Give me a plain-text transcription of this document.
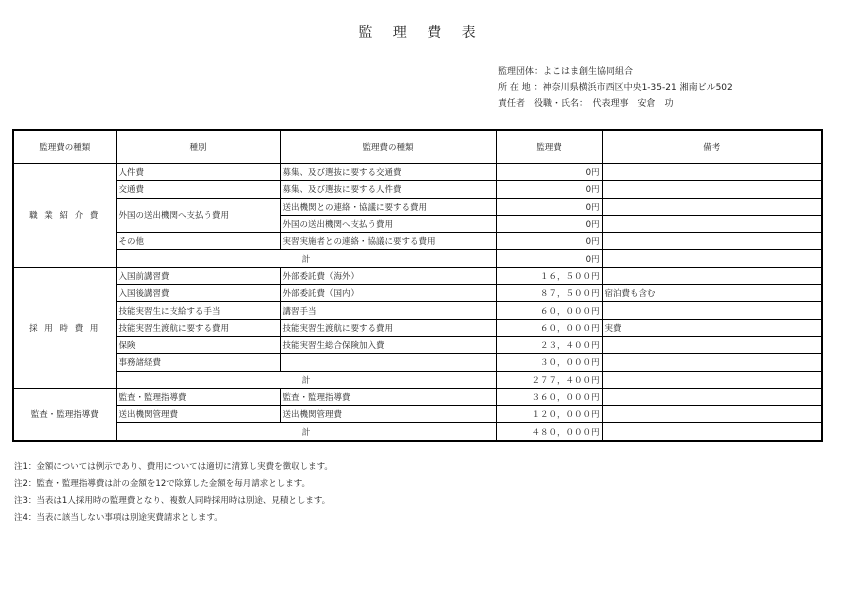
監 理 費 表
監理団体：よこはま創生協同組合
所 在 地 ：神奈川県横浜市西区中央1-35-21 湘南ビル502
責任者　役職・氏名：　代表理事　安倉　功
監理費の種類	種別	監理費の種類	監理費	備考
職 業 紹 介 費	人件費	募集、及び選抜に要する交通費	0円	
	交通費	募集、及び選抜に要する人件費	0円	
	外国の送出機関へ支払う費用	送出機関との連絡・協議に要する費用	0円	
		外国の送出機関へ支払う費用	0円	
	その他	実習実施者との連絡・協議に要する費用	0円	
	計		0円	
採 用 時 費 用	入国前講習費	外部委託費（海外）	１６，５００円	
	入国後講習費	外部委託費（国内）	８７，５００円	宿泊費も含む
	技能実習生に支給する手当	講習手当	６０，０００円	
	技能実習生渡航に要する費用	技能実習生渡航に要する費用	６０，０００円	実費
	保険	技能実習生総合保険加入費	２３，４００円	
	事務諸経費		３０，０００円	
	計		２７７，４００円	
監査・監理指導費	監査・監理指導費	監査・監理指導費	３６０，０００円	
	送出機関管理費	送出機関管理費	１２０，０００円	
	計		４８０，０００円	
注1：金額については例示であり、費用については適切に清算し実費を徴収します。
注2：監査・監理指導費は計の金額を12で除算した金額を毎月請求とします。
注3：当表は1人採用時の監理費となり、複数人同時採用時は別途、見積とします。
注4：当表に該当しない事項は別途実費請求とします。
